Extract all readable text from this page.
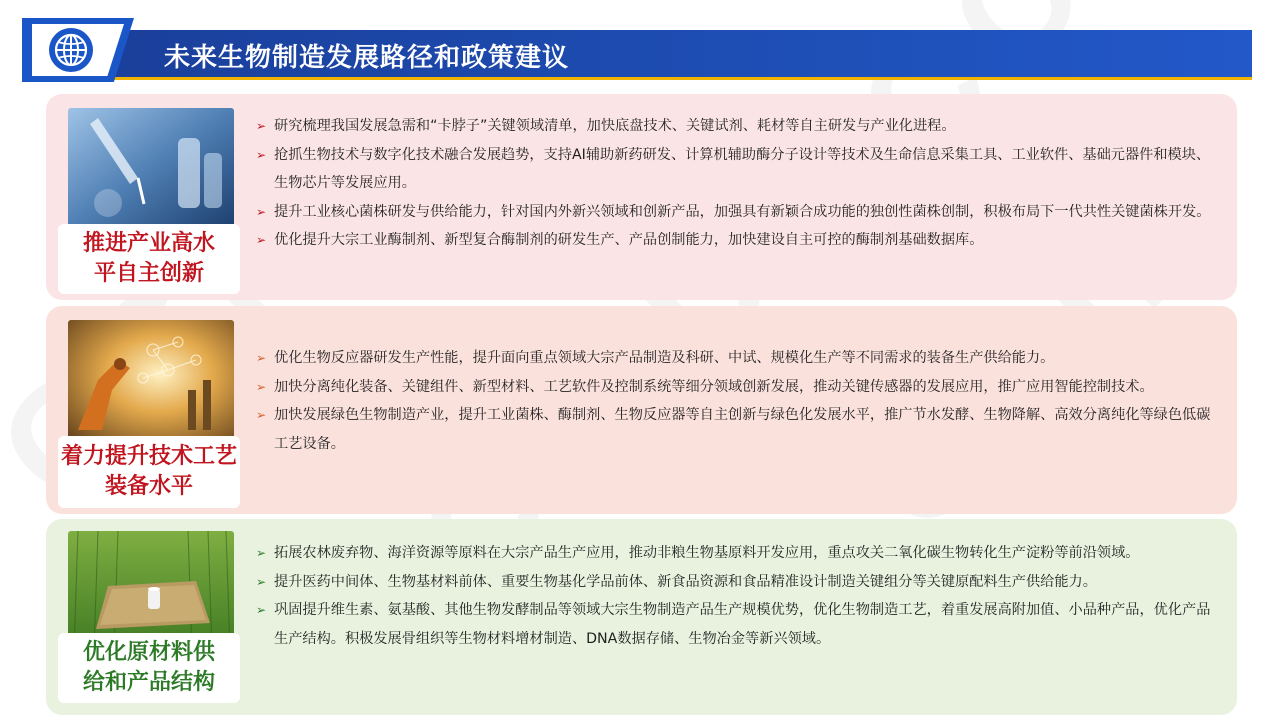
未来生物制造发展路径和政策建议
推进产业高水
平自主创新
➢ 研究梳理我国发展急需和“卡脖子”关键领域清单，加快底盘技术、关键试剂、耗材等自主研发与产业化进程。
➢ 抢抓生物技术与数字化技术融合发展趋势，支持AI辅助新药研发、计算机辅助酶分子设计等技术及生命信息采集工具、工业软件、基础元器件和模块、生物芯片等发展应用。
➢ 提升工业核心菌株研发与供给能力，针对国内外新兴领域和创新产品，加强具有新颖合成功能的独创性菌株创制，积极布局下一代共性关键菌株开发。
➢ 优化提升大宗工业酶制剂、新型复合酶制剂的研发生产、产品创制能力，加快建设自主可控的酶制剂基础数据库。
着力提升技术工艺
装备水平
➢ 优化生物反应器研发生产性能，提升面向重点领域大宗产品制造及科研、中试、规模化生产等不同需求的装备生产供给能力。
➢ 加快分离纯化装备、关键组件、新型材料、工艺软件及控制系统等细分领域创新发展，推动关键传感器的发展应用，推广应用智能控制技术。
➢ 加快发展绿色生物制造产业，提升工业菌株、酶制剂、生物反应器等自主创新与绿色化发展水平，推广节水发酵、生物降解、高效分离纯化等绿色低碳工艺设备。
优化原材料供
给和产品结构
➢ 拓展农林废弃物、海洋资源等原料在大宗产品生产应用，推动非粮生物基原料开发应用，重点攻关二氧化碳生物转化生产淀粉等前沿领域。
➢ 提升医药中间体、生物基材料前体、重要生物基化学品前体、新食品资源和食品精准设计制造关键组分等关键原配料生产供给能力。
➢ 巩固提升维生素、氨基酸、其他生物发酵制品等领域大宗生物制造产品生产规模优势，优化生物制造工艺，着重发展高附加值、小品种产品，优化产品生产结构。积极发展骨组织等生物材料增材制造、DNA数据存储、生物冶金等新兴领域。
